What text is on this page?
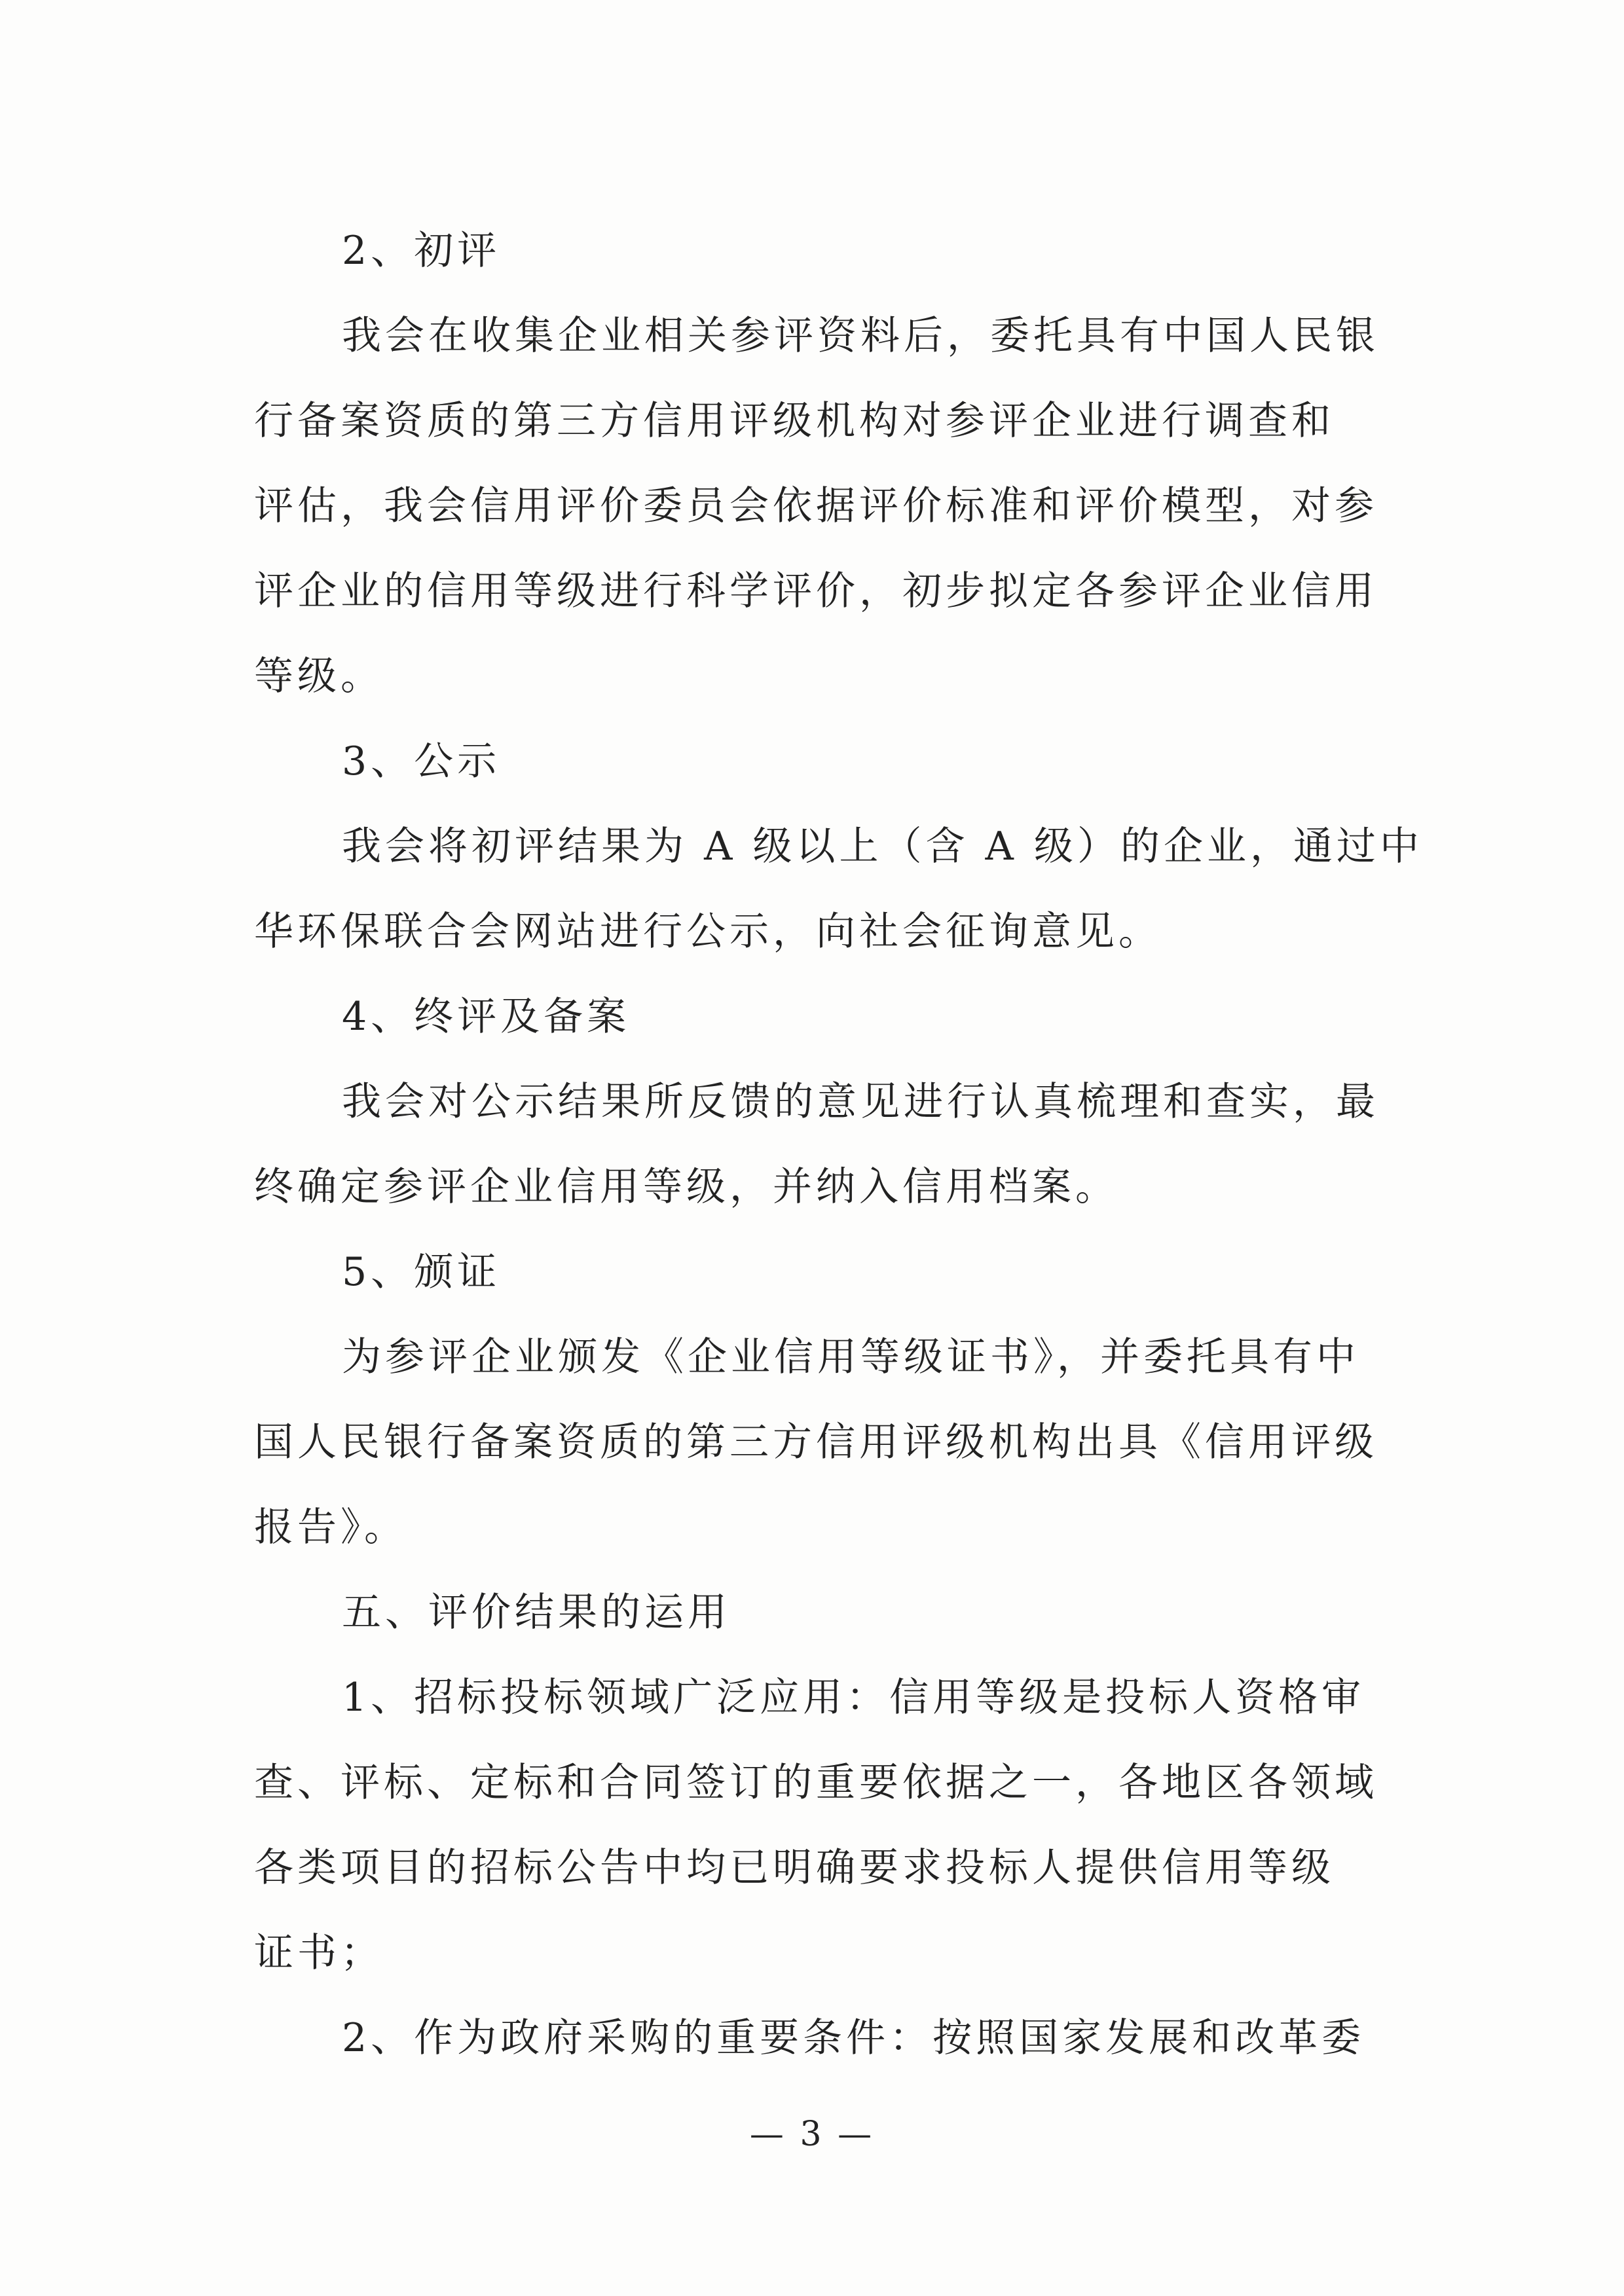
2、初评
我会在收集企业相关参评资料后，委托具有中国人民银
行备案资质的第三方信用评级机构对参评企业进行调查和
评估，我会信用评价委员会依据评价标准和评价模型，对参
评企业的信用等级进行科学评价，初步拟定各参评企业信用
等级。
3、公示
我会将初评结果为 A 级以上（含 A 级）的企业，通过中
华环保联合会网站进行公示，向社会征询意见。
4、终评及备案
我会对公示结果所反馈的意见进行认真梳理和查实，最
终确定参评企业信用等级，并纳入信用档案。
5、颁证
为参评企业颁发《企业信用等级证书》，并委托具有中
国人民银行备案资质的第三方信用评级机构出具《信用评级
报告》。
五、评价结果的运用
1、招标投标领域广泛应用：信用等级是投标人资格审
查、评标、定标和合同签订的重要依据之一，各地区各领域
各类项目的招标公告中均已明确要求投标人提供信用等级
证书；
2、作为政府采购的重要条件：按照国家发展和改革委
— 3 —
